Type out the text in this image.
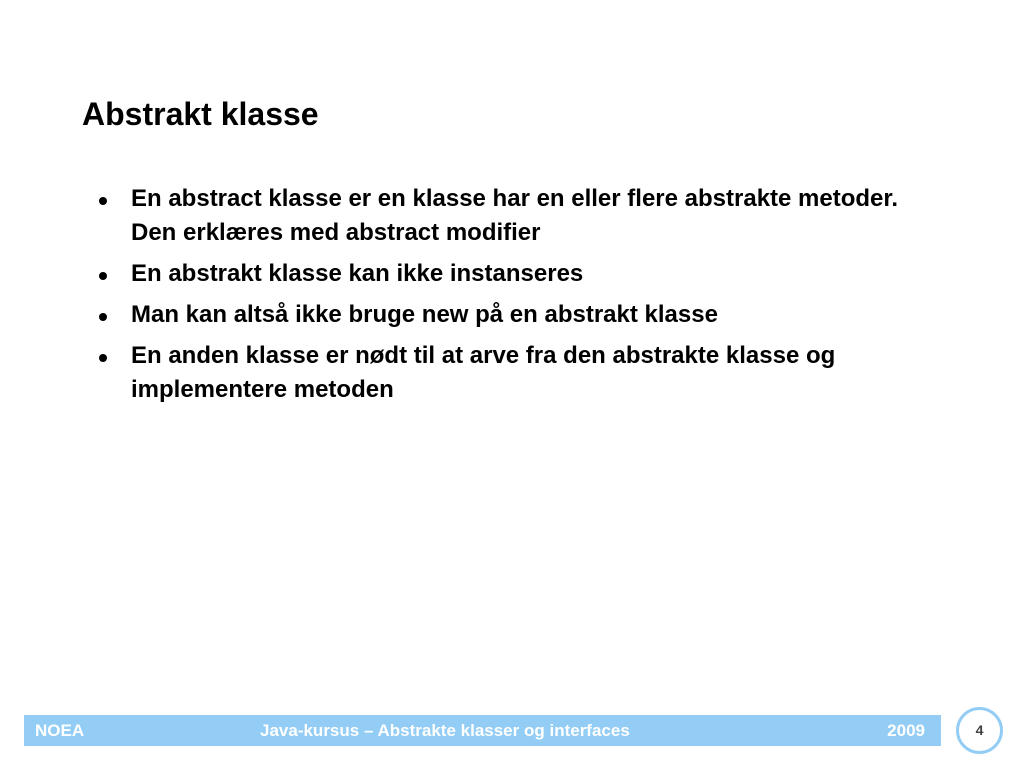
Abstrakt klasse
En abstract klasse er en klasse har en eller flere abstrakte metoder. Den erklæres med abstract modifier
En abstrakt klasse kan ikke instanseres
Man kan altså ikke bruge new på en abstrakt klasse
En anden klasse er nødt til at arve fra den abstrakte klasse og implementere metoden
NOEA	Java-kursus – Abstrakte klasser og interfaces	2009	4
